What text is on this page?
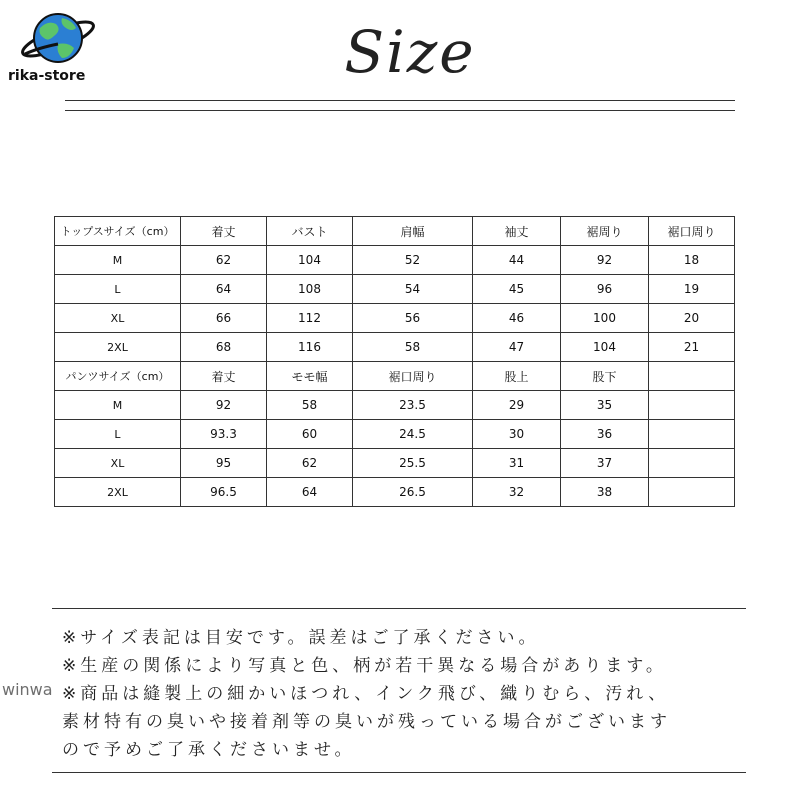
rika-store	Size
トップスサイズ（cm）	着丈	バスト	肩幅	袖丈	裾周り	裾口周り
M	62	104	52	44	92	18
L	64	108	54	45	96	19
XL	66	112	56	46	100	20
2XL	68	116	58	47	104	21
パンツサイズ（cm）	着丈	モモ幅	裾口周り	股上	股下	
M	92	58	23.5	29	35	
L	93.3	60	24.5	30	36	
XL	95	62	25.5	31	37	
2XL	96.5	64	26.5	32	38	
※サイズ表記は目安です。誤差はご了承ください。
※生産の関係により写真と色、柄が若干異なる場合があります。
※商品は縫製上の細かいほつれ、インク飛び、織りむら、汚れ、
素材特有の臭いや接着剤等の臭いが残っている場合がございます
ので予めご了承くださいませ。
winwa
